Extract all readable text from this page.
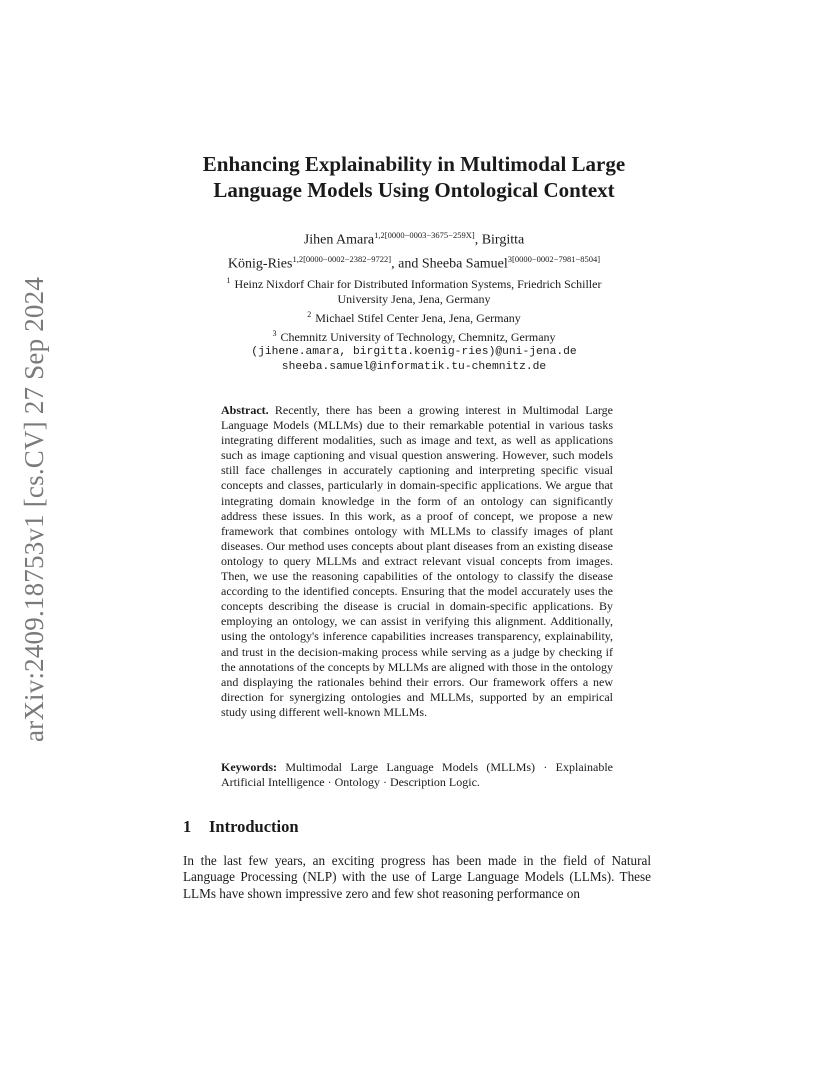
arXiv:2409.18753v1 [cs.CV] 27 Sep 2024
Enhancing Explainability in Multimodal Large
Language Models Using Ontological Context
Jihen Amara$^{1,2[0000-0003-3675-259X]}$, Birgitta
König-Ries$^{1,2[0000-0002-2382-9722]}$, and Sheeba Samuel$^{3[0000-0002-7981-8504]}$
$^1$ Heinz Nixdorf Chair for Distributed Information Systems, Friedrich Schiller
University Jena, Jena, Germany
$^2$ Michael Stifel Center Jena, Jena, Germany
$^3$ Chemnitz University of Technology, Chemnitz, Germany
(jihene.amara, birgitta.koenig-ries)@uni-jena.de
sheeba.samuel@informatik.tu-chemnitz.de

Abstract. Recently, there has been a growing interest in Multimodal Large Language Models (MLLMs) due to their remarkable potential in various tasks integrating different modalities, such as image and text, as well as applications such as image captioning and visual question answering. However, such models still face challenges in accurately captioning and interpreting specific visual concepts and classes, particularly in domain-specific applications. We argue that integrating domain knowledge in the form of an ontology can significantly address these issues. In this work, as a proof of concept, we propose a new framework that combines ontology with MLLMs to classify images of plant diseases. Our method uses concepts about plant diseases from an existing disease ontology to query MLLMs and extract relevant visual concepts from images. Then, we use the reasoning capabilities of the ontology to classify the disease according to the identified concepts. Ensuring that the model accurately uses the concepts describing the disease is crucial in domain-specific applications. By employing an ontology, we can assist in verifying this alignment. Additionally, using the ontology's inference capabilities increases transparency, explainability, and trust in the decision-making process while serving as a judge by checking if the annotations of the concepts by MLLMs are aligned with those in the ontology and displaying the rationales behind their errors. Our framework offers a new direction for synergizing ontologies and MLLMs, supported by an empirical study using different well-known MLLMs.

Keywords: Multimodal Large Language Models (MLLMs) · Explainable Artificial Intelligence · Ontology · Description Logic.

1 Introduction

In the last few years, an exciting progress has been made in the field of Natural Language Processing (NLP) with the use of Large Language Models (LLMs). These LLMs have shown impressive zero and few shot reasoning performance on
